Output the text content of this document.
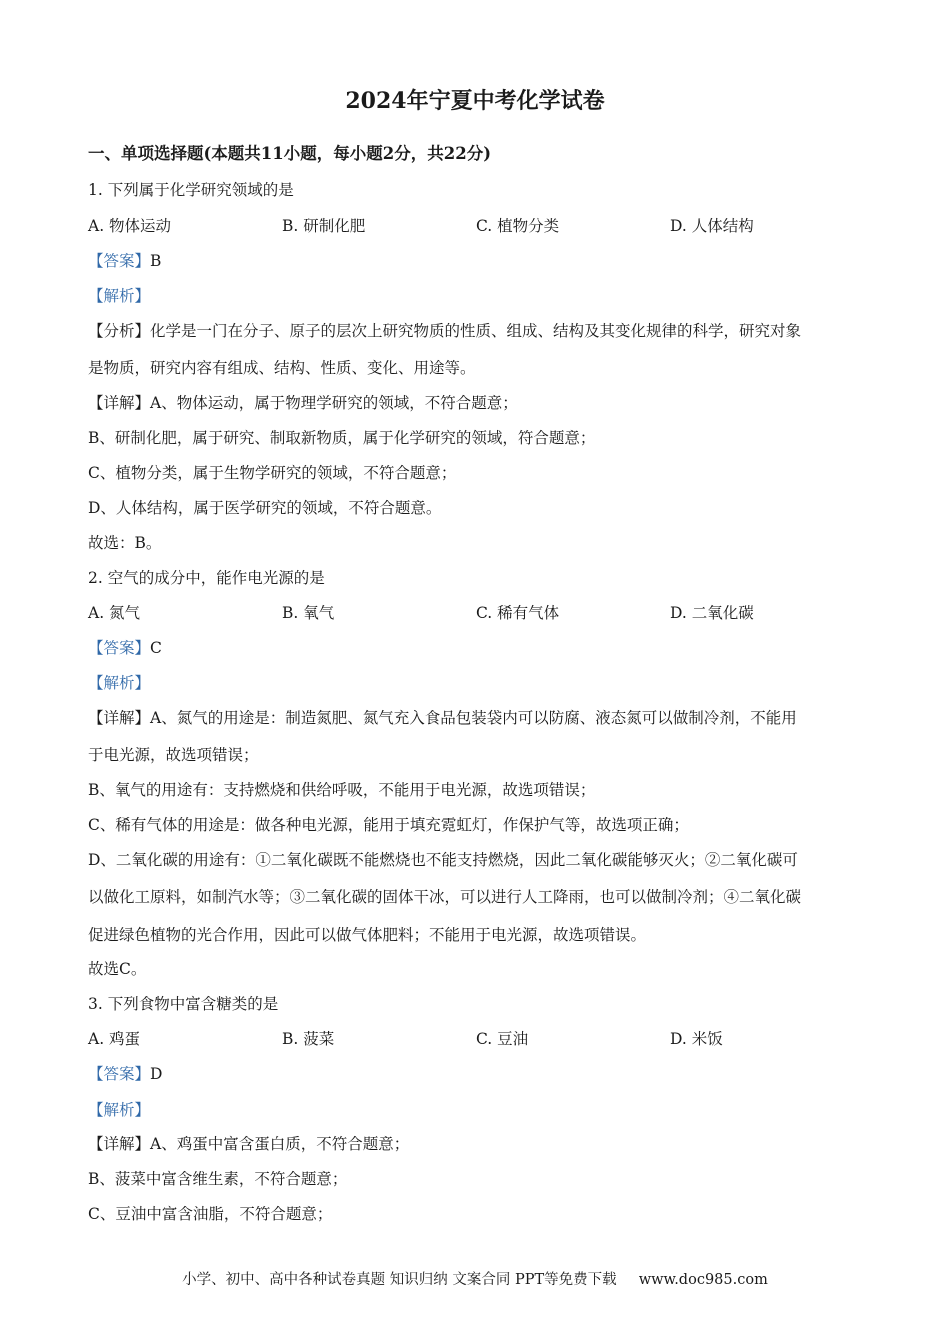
2024年宁夏中考化学试卷

一、单项选择题(本题共11小题，每小题2分，共22分)

1. 下列属于化学研究领域的是

A. 物体运动	B. 研制化肥	C. 植物分类	D. 人体结构

【答案】B

【解析】

【分析】化学是一门在分子、原子的层次上研究物质的性质、组成、结构及其变化规律的科学，研究对象

是物质，研究内容有组成、结构、性质、变化、用途等。

【详解】A、物体运动，属于物理学研究的领域，不符合题意；

B、研制化肥，属于研究、制取新物质，属于化学研究的领域，符合题意；

C、植物分类，属于生物学研究的领域，不符合题意；

D、人体结构，属于医学研究的领域，不符合题意。

故选：B。

2. 空气的成分中，能作电光源的是

A. 氮气	B. 氧气	C. 稀有气体	D. 二氧化碳

【答案】C

【解析】

【详解】A、氮气的用途是：制造氮肥、氮气充入食品包装袋内可以防腐、液态氮可以做制冷剂，不能用

于电光源，故选项错误；

B、氧气的用途有：支持燃烧和供给呼吸，不能用于电光源，故选项错误；

C、稀有气体的用途是：做各种电光源，能用于填充霓虹灯，作保护气等，故选项正确；

D、二氧化碳的用途有：①二氧化碳既不能燃烧也不能支持燃烧，因此二氧化碳能够灭火；②二氧化碳可

以做化工原料，如制汽水等；③二氧化碳的固体干冰，可以进行人工降雨，也可以做制冷剂；④二氧化碳

促进绿色植物的光合作用，因此可以做气体肥料；不能用于电光源，故选项错误。

故选C。

3. 下列食物中富含糖类的是

A. 鸡蛋	B. 菠菜	C. 豆油	D. 米饭

【答案】D

【解析】

【详解】A、鸡蛋中富含蛋白质，不符合题意；

B、菠菜中富含维生素，不符合题意；

C、豆油中富含油脂，不符合题意；

小学、初中、高中各种试卷真题 知识归纳 文案合同 PPT等免费下载 www.doc985.com
